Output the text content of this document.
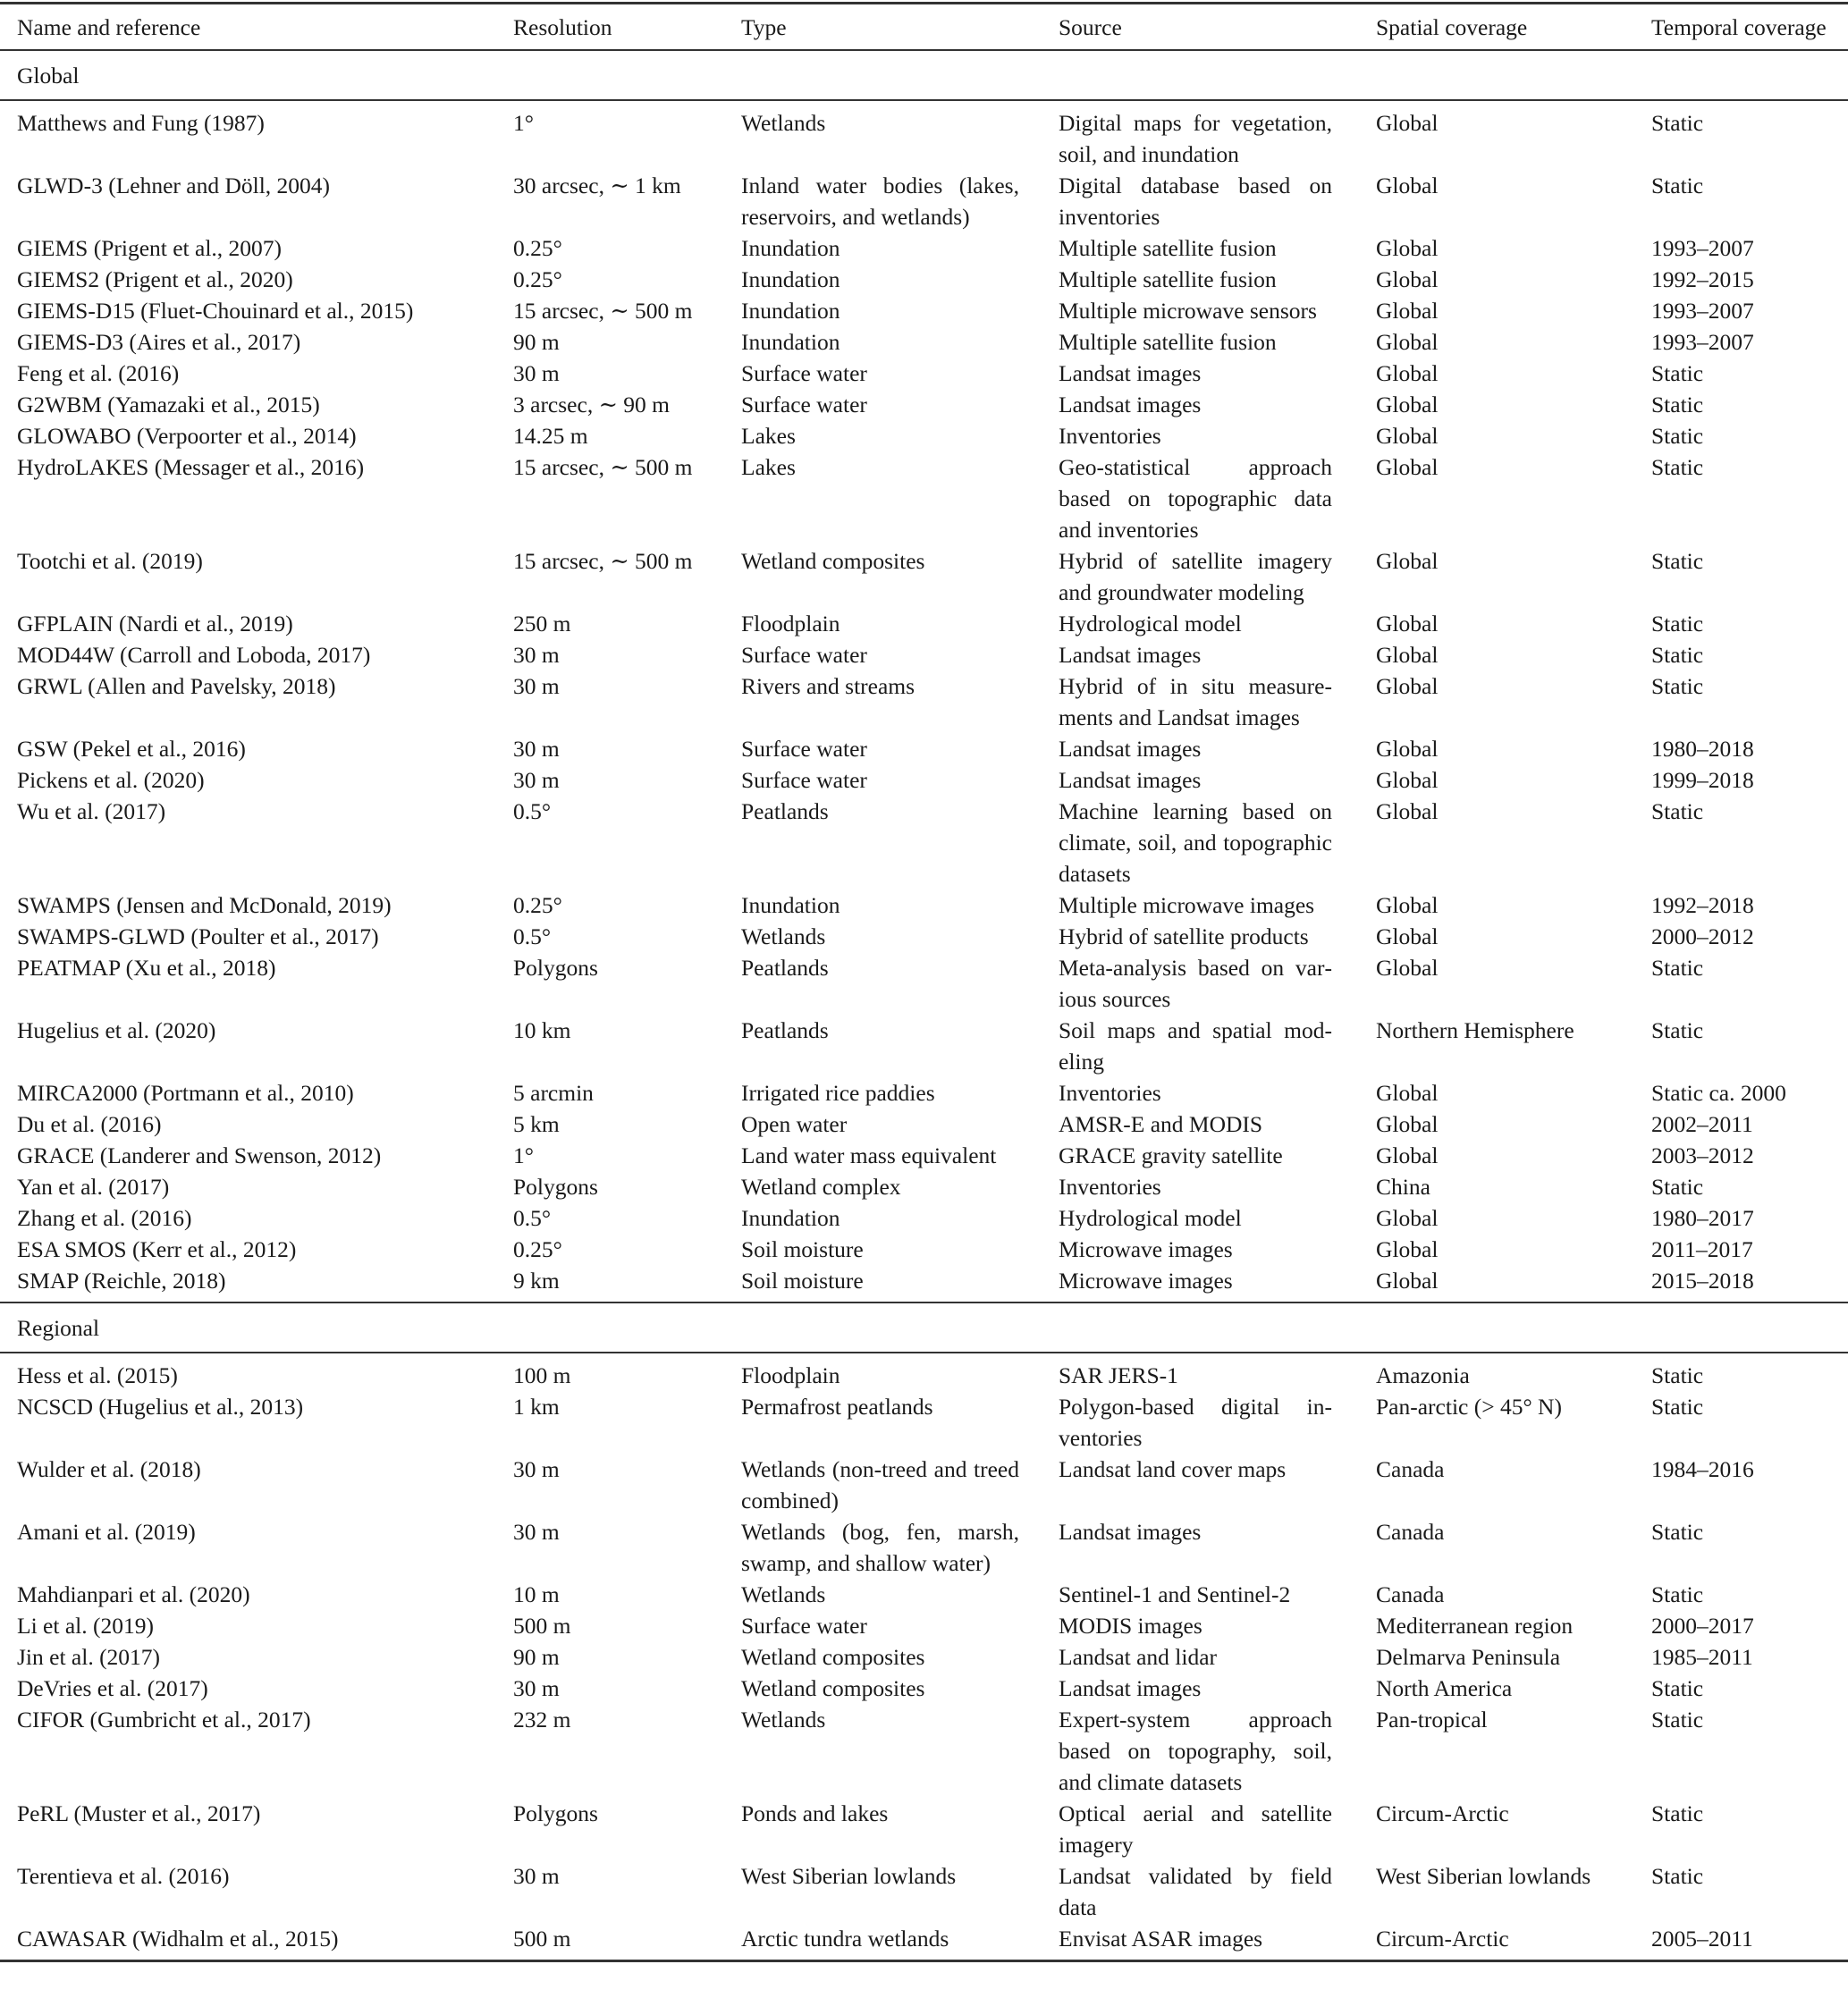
Name and reference	Resolution	Type	Source	Spatial coverage	Temporal coverage
Global					
Matthews and Fung (1987)	1°	Wetlands	Digital maps for vegetation, soil, and inundation	Global	Static
GLWD-3 (Lehner and Döll, 2004)	30 arcsec, ∼ 1 km	Inland water bodies (lakes, reservoirs, and wetlands)	Digital database based on inventories	Global	Static
GIEMS (Prigent et al., 2007)	0.25°	Inundation	Multiple satellite fusion	Global	1993–2007
GIEMS2 (Prigent et al., 2020)	0.25°	Inundation	Multiple satellite fusion	Global	1992–2015
GIEMS-D15 (Fluet-Chouinard et al., 2015)	15 arcsec, ∼ 500 m	Inundation	Multiple microwave sensors	Global	1993–2007
GIEMS-D3 (Aires et al., 2017)	90 m	Inundation	Multiple satellite fusion	Global	1993–2007
Feng et al. (2016)	30 m	Surface water	Landsat images	Global	Static
G2WBM (Yamazaki et al., 2015)	3 arcsec, ∼ 90 m	Surface water	Landsat images	Global	Static
GLOWABO (Verpoorter et al., 2014)	14.25 m	Lakes	Inventories	Global	Static
HydroLAKES (Messager et al., 2016)	15 arcsec, ∼ 500 m	Lakes	Geo-statistical approach based on topographic data and inventories	Global	Static
Tootchi et al. (2019)	15 arcsec, ∼ 500 m	Wetland composites	Hybrid of satellite imagery and groundwater modeling	Global	Static
GFPLAIN (Nardi et al., 2019)	250 m	Floodplain	Hydrological model	Global	Static
MOD44W (Carroll and Loboda, 2017)	30 m	Surface water	Landsat images	Global	Static
GRWL (Allen and Pavelsky, 2018)	30 m	Rivers and streams	Hybrid of in situ measurements and Landsat images	Global	Static
GSW (Pekel et al., 2016)	30 m	Surface water	Landsat images	Global	1980–2018
Pickens et al. (2020)	30 m	Surface water	Landsat images	Global	1999–2018
Wu et al. (2017)	0.5°	Peatlands	Machine learning based on climate, soil, and topographic datasets	Global	Static
SWAMPS (Jensen and McDonald, 2019)	0.25°	Inundation	Multiple microwave images	Global	1992–2018
SWAMPS-GLWD (Poulter et al., 2017)	0.5°	Wetlands	Hybrid of satellite products	Global	2000–2012
PEATMAP (Xu et al., 2018)	Polygons	Peatlands	Meta-analysis based on various sources	Global	Static
Hugelius et al. (2020)	10 km	Peatlands	Soil maps and spatial modeling	Northern Hemisphere	Static
MIRCA2000 (Portmann et al., 2010)	5 arcmin	Irrigated rice paddies	Inventories	Global	Static ca. 2000
Du et al. (2016)	5 km	Open water	AMSR-E and MODIS	Global	2002–2011
GRACE (Landerer and Swenson, 2012)	1°	Land water mass equivalent	GRACE gravity satellite	Global	2003–2012
Yan et al. (2017)	Polygons	Wetland complex	Inventories	China	Static
Zhang et al. (2016)	0.5°	Inundation	Hydrological model	Global	1980–2017
ESA SMOS (Kerr et al., 2012)	0.25°	Soil moisture	Microwave images	Global	2011–2017
SMAP (Reichle, 2018)	9 km	Soil moisture	Microwave images	Global	2015–2018
Regional					
Hess et al. (2015)	100 m	Floodplain	SAR JERS-1	Amazonia	Static
NCSCD (Hugelius et al., 2013)	1 km	Permafrost peatlands	Polygon-based digital inventories	Pan-arctic (> 45° N)	Static
Wulder et al. (2018)	30 m	Wetlands (non-treed and treed combined)	Landsat land cover maps	Canada	1984–2016
Amani et al. (2019)	30 m	Wetlands (bog, fen, marsh, swamp, and shallow water)	Landsat images	Canada	Static
Mahdianpari et al. (2020)	10 m	Wetlands	Sentinel-1 and Sentinel-2	Canada	Static
Li et al. (2019)	500 m	Surface water	MODIS images	Mediterranean region	2000–2017
Jin et al. (2017)	90 m	Wetland composites	Landsat and lidar	Delmarva Peninsula	1985–2011
DeVries et al. (2017)	30 m	Wetland composites	Landsat images	North America	Static
CIFOR (Gumbricht et al., 2017)	232 m	Wetlands	Expert-system approach based on topography, soil, and climate datasets	Pan-tropical	Static
PeRL (Muster et al., 2017)	Polygons	Ponds and lakes	Optical aerial and satellite imagery	Circum-Arctic	Static
Terentieva et al. (2016)	30 m	West Siberian lowlands	Landsat validated by field data	West Siberian lowlands	Static
CAWASAR (Widhalm et al., 2015)	500 m	Arctic tundra wetlands	Envisat ASAR images	Circum-Arctic	2005–2011
